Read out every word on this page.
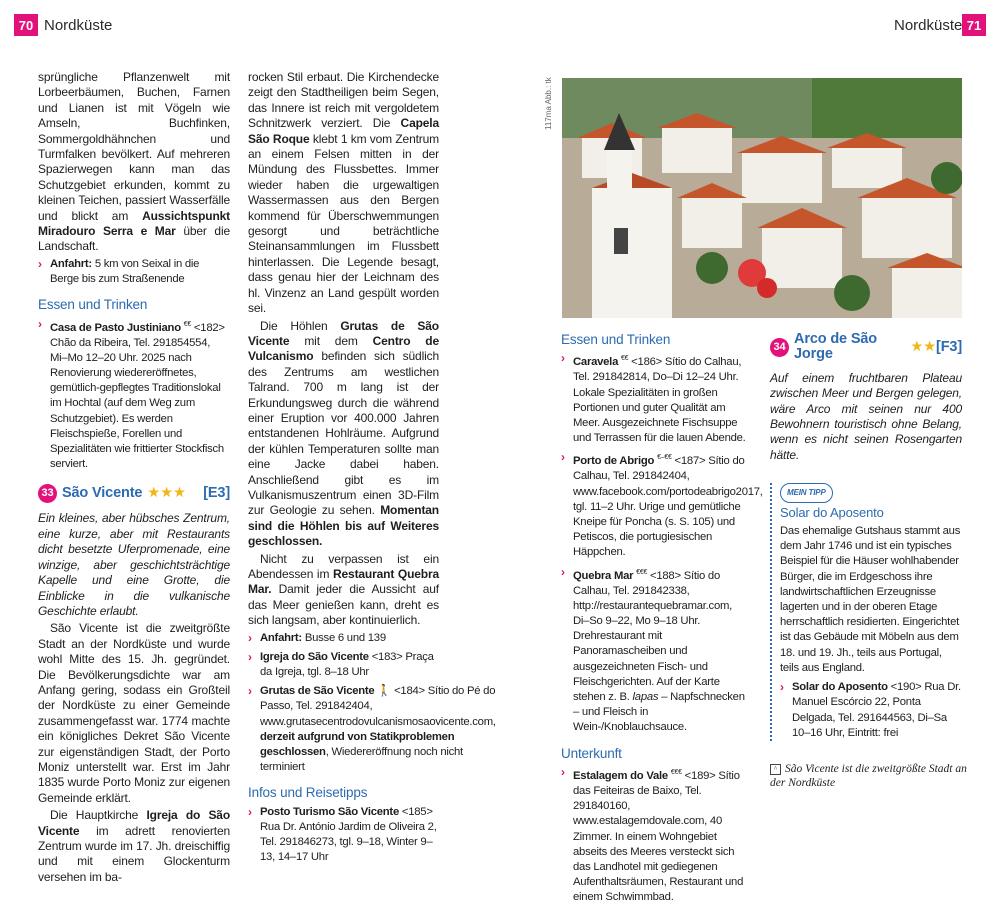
70 Nordküste	Nordküste 71

sprüngliche Pflanzenwelt mit Lorbeerbäumen, Buchen, Farnen und Lianen ist mit Vögeln wie Amseln, Buchfinken, Sommergoldhähnchen und Turmfalken bevölkert. Auf mehreren Spazierwegen kann man das Schutzgebiet erkunden, kommt zu kleinen Teichen, passiert Wasserfälle und blickt am Aussichtspunkt Miradouro Serra e Mar über die Landschaft.

› Anfahrt: 5 km von Seixal in die Berge bis zum Straßenende
Essen und Trinken
› Casa de Pasto Justiniano €€ <182> Chão da Ribeira, Tel. 291854554, Mi–Mo 12–20 Uhr. 2025 nach Renovierung wiedereröffnetes, gemütlich-gepflegtes Traditionslokal im Hochtal (auf dem Weg zum Schutzgebiet). Es werden Fleischspieße, Forellen und Spezialitäten wie frittierter Stockfisch serviert.
33 São Vicente ★★★ [E3]

Ein kleines, aber hübsches Zentrum, eine kurze, aber mit Restaurants dicht besetzte Uferpromenade, eine winzige, aber geschichtsträchtige Kapelle und eine Grotte, die Einblicke in die vulkanische Geschichte erlaubt.

São Vicente ist die zweitgrößte Stadt an der Nordküste und wurde wohl Mitte des 15. Jh. gegründet. Die Bevölkerungsdichte war am Anfang gering, sodass ein Großteil der Nordküste zu einer Gemeinde zusammengefasst war. 1774 machte ein königliches Dekret São Vicente zur eigenständigen Stadt, der Porto Moniz unterstellt war. Erst im Jahr 1835 wurde Porto Moniz zur eigenen Gemeinde erklärt.

Die Hauptkirche Igreja do São Vicente im adrett renovierten Zentrum wurde im 17. Jh. dreischiffig und mit einem Glockenturm versehen im ba-

rocken Stil erbaut. Die Kirchendecke zeigt den Stadtheiligen beim Segen, das Innere ist reich mit vergoldetem Schnitzwerk verziert. Die Capela São Roque klebt 1 km vom Zentrum an einem Felsen mitten in der Mündung des Flussbettes. Immer wieder haben die urgewaltigen Wassermassen aus den Bergen kommend für Überschwemmungen gesorgt und beträchtliche Steinansammlungen im Flussbett hinterlassen. Die Legende besagt, dass genau hier der Leichnam des hl. Vinzenz an Land gespült worden sei.

Die Höhlen Grutas de São Vicente mit dem Centro de Vulcanismo befinden sich südlich des Zentrums am westlichen Talrand. 700 m lang ist der Erkundungsweg durch die während einer Eruption vor 400.000 Jahren entstandenen Hohlräume. Aufgrund der kühlen Temperaturen sollte man eine Jacke dabei haben. Anschließend gibt es im Vulkanismuszentrum einen 3D-Film zur Geologie zu sehen. Momentan sind die Höhlen bis auf Weiteres geschlossen.

Nicht zu verpassen ist ein Abendessen im Restaurant Quebra Mar. Damit jeder die Aussicht auf das Meer genießen kann, dreht es sich langsam, aber kontinuierlich.

› Anfahrt: Busse 6 und 139
› Igreja do São Vicente <183> Praça da Igreja, tgl. 8–18 Uhr
› Grutas de São Vicente 🚶 <184> Sítio do Pé do Passo, Tel. 291842404, www.grutasecentrodovulcanismosaovicente.com, derzeit aufgrund von Statikproblemen geschlossen, Wiedereröffnung noch nicht terminiert
Infos und Reisetipps
› Posto Turismo São Vicente <185> Rua Dr. António Jardim de Oliveira 2, Tel. 291846273, tgl. 9–18, Winter 9–13, 14–17 Uhr
117ma Abb.: tk
Essen und Trinken
› Caravela €€ <186> Sítio do Calhau, Tel. 291842814, Do–Di 12–24 Uhr. Lokale Spezialitäten in großen Portionen und guter Qualität am Meer. Ausgezeichnete Fischsuppe und Terrassen für die lauen Abende.
› Porto de Abrigo €–€€ <187> Sítio do Calhau, Tel. 291842404, www.facebook.com/portodeabrigo2017, tgl. 11–2 Uhr. Urige und gemütliche Kneipe für Poncha (s. S. 105) und Petiscos, die portugiesischen Häppchen.
› Quebra Mar €€€ <188> Sítio do Calhau, Tel. 291842338, http://restaurantequebramar.com, Di–So 9–22, Mo 9–18 Uhr. Drehrestaurant mit Panoramascheiben und ausgezeichneten Fisch- und Fleischgerichten. Auf der Karte stehen z. B. lapas – Napfschnecken – und Fleisch in Wein-/Knoblauchsauce.
Unterkunft
› Estalagem do Vale €€€ <189> Sítio das Feiteiras de Baixo, Tel. 291840160, www.estalagemdovale.com, 40 Zimmer. In einem Wohngebiet abseits des Meeres versteckt sich das Landhotel mit gediegenen Aufenthaltsräumen, Restaurant und einem Schwimmbad.
34 Arco de São Jorge	★★ [F3]

Auf einem fruchtbaren Plateau zwischen Meer und Bergen gelegen, wäre Arco mit seinen nur 400 Bewohnern touristisch ohne Belang, wenn es nicht seinen Rosengarten hätte.

MEIN TIPP
Solar do Aposento
Das ehemalige Gutshaus stammt aus dem Jahr 1746 und ist ein typisches Beispiel für die Häuser wohlhabender Bürger, die im Erdgeschoss ihre landwirtschaftlichen Erzeugnisse lagerten und in der oberen Etage herrschaftlich residierten. Eingerichtet ist das Gebäude mit Möbeln aus dem 18. und 19. Jh., teils aus Portugal, teils aus England.
› Solar do Aposento <190> Rua Dr. Manuel Escórcio 22, Ponta Delgada, Tel. 291644563, Di–Sa 10–16 Uhr, Eintritt: frei
^ São Vicente ist die zweitgrößte Stadt an der Nordküste
